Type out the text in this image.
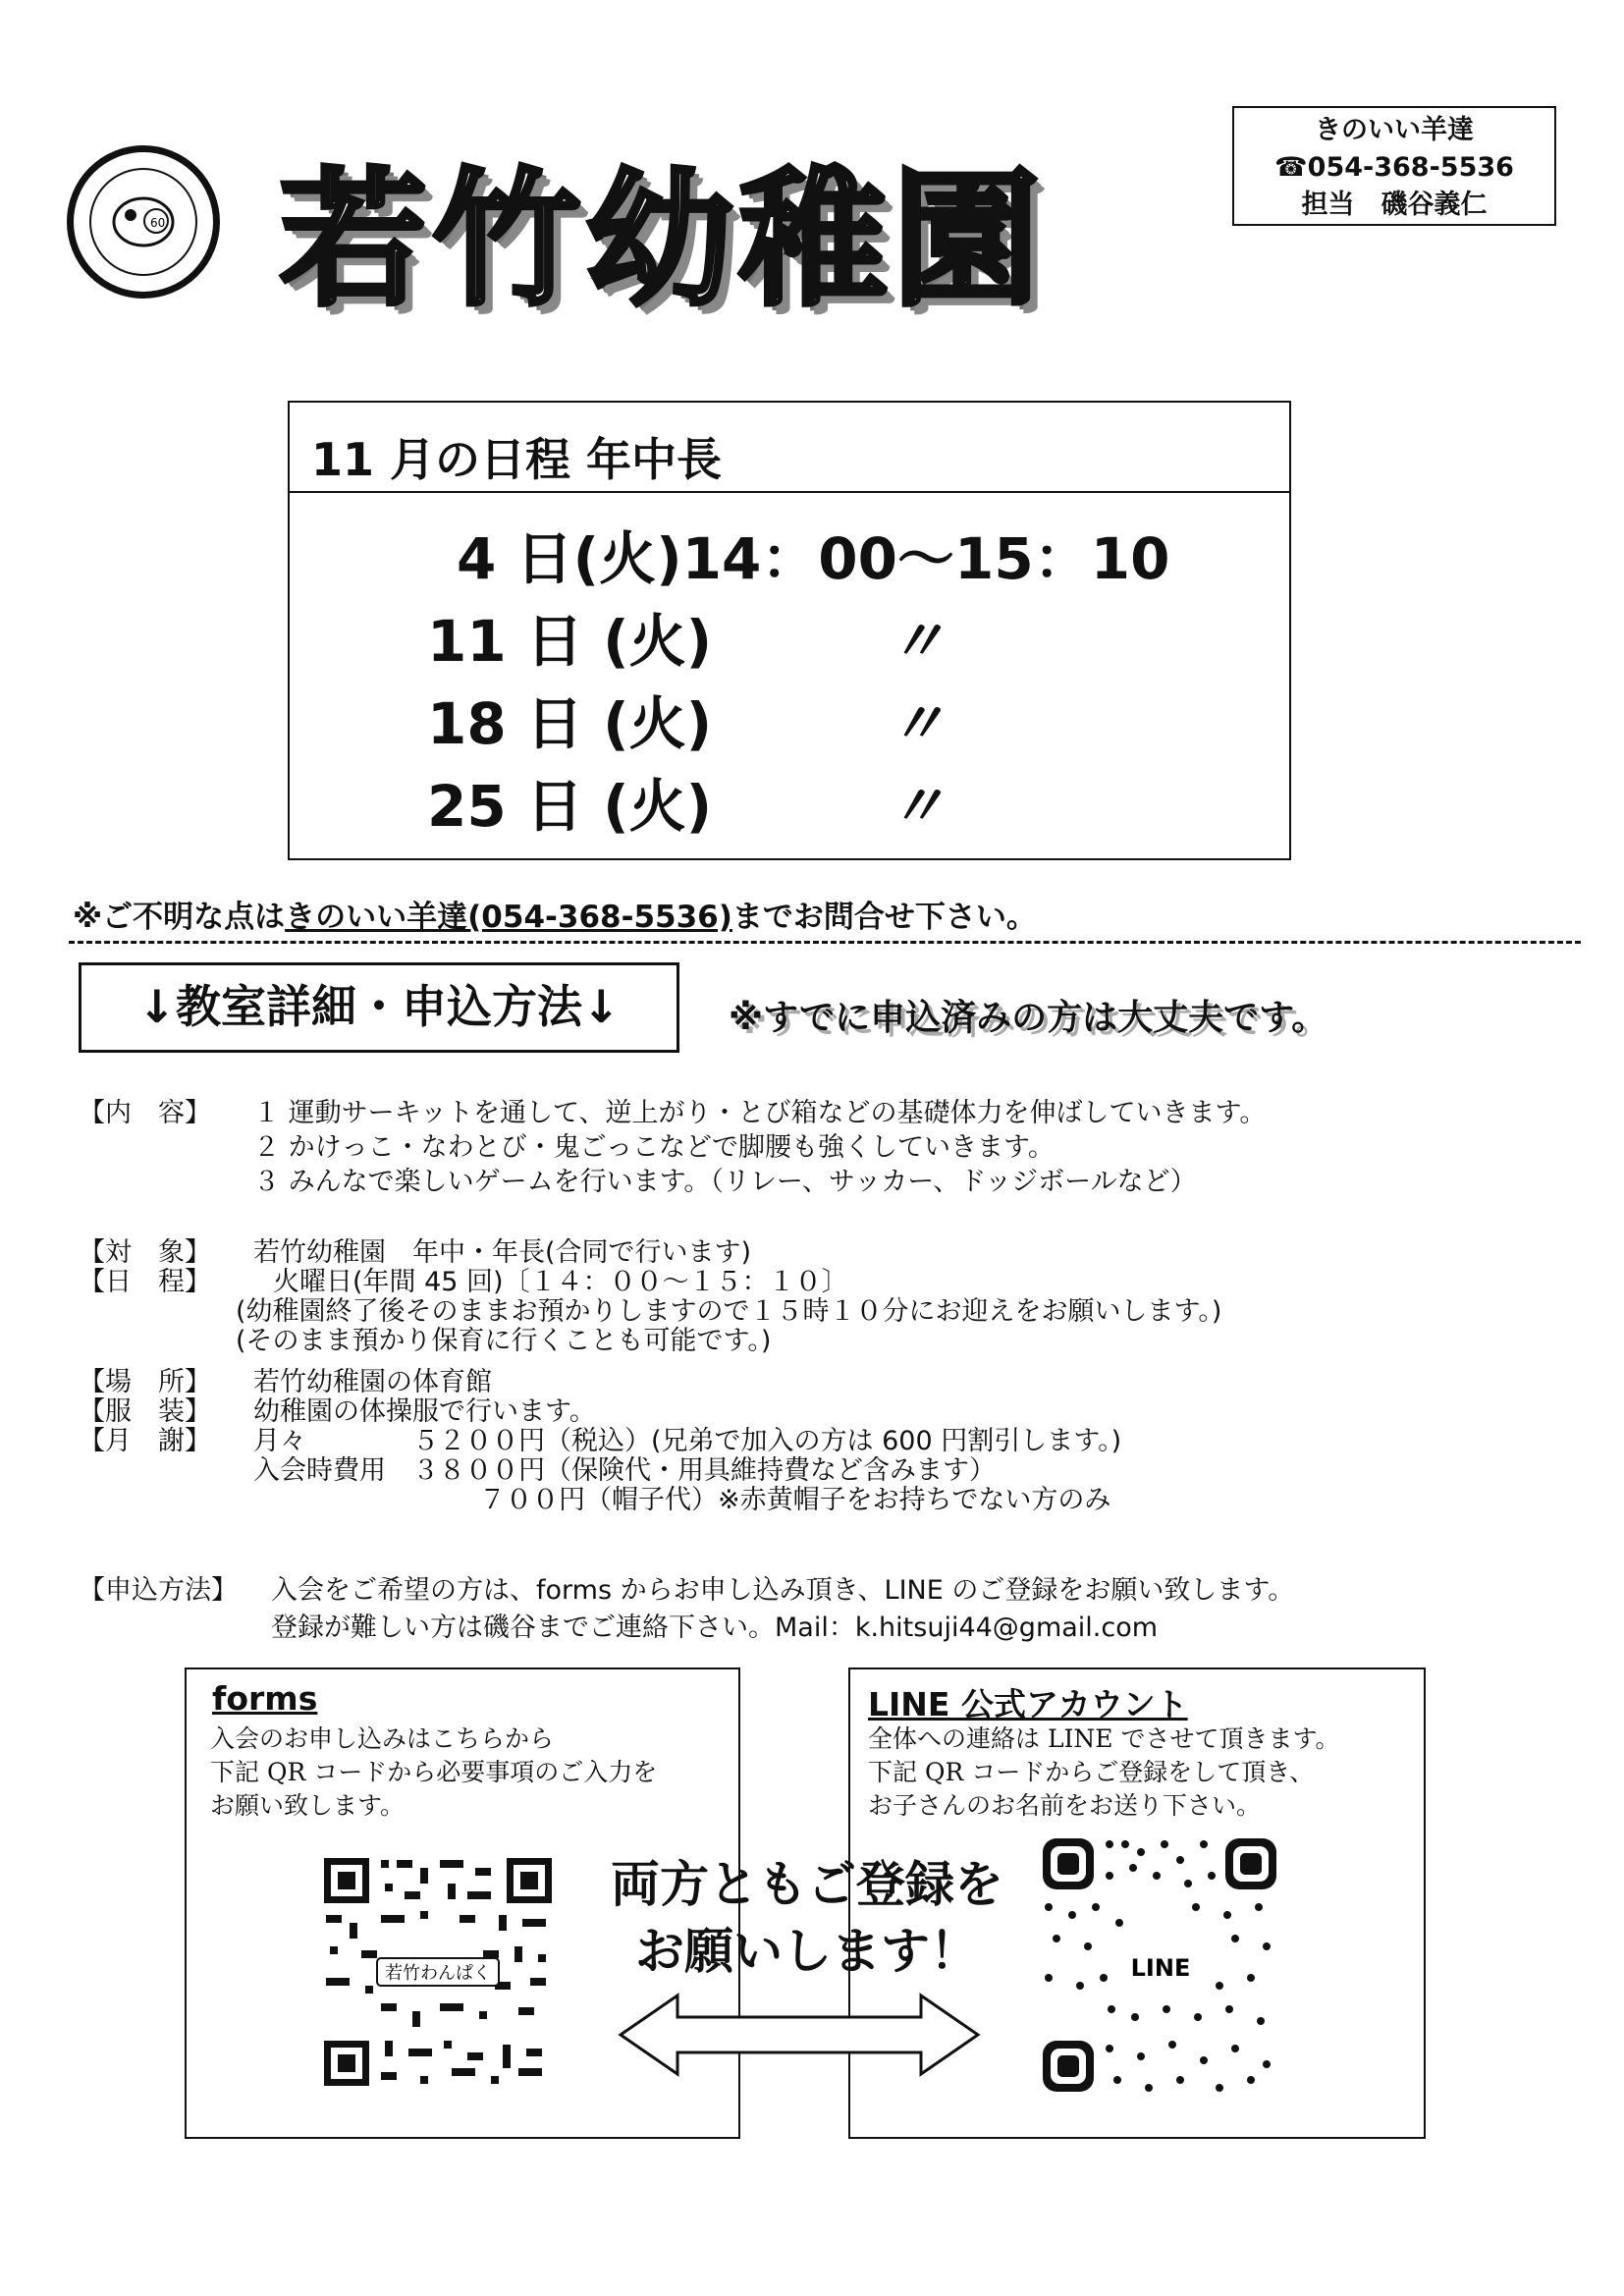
60 若竹幼稚園
きのいい羊達
☎054-368-5536
担当　磯谷義仁
11 月の日程 年中長
4 日(火)14：00〜15：10
11 日 (火)	〃
18 日 (火)	〃
25 日 (火)	〃
※ご不明な点はきのいい羊達(054-368-5536)までお問合せ下さい。
↓教室詳細・申込方法↓	※すでに申込済みの方は大丈夫です。
【内　容】 １ 運動サーキットを通して、逆上がり・とび箱などの基礎体力を伸ばしていきます。
２ かけっこ・なわとび・鬼ごっこなどで脚腰も強くしていきます。
３ みんなで楽しいゲームを行います。（リレー、サッカー、ドッジボールなど）
【対　象】 若竹幼稚園　年中・年長(合同で行います)
【日　程】 火曜日(年間 45 回)〔１４：００〜１５：１０〕
(幼稚園終了後そのままお預かりしますので１５時１０分にお迎えをお願いします。)
(そのまま預かり保育に行くことも可能です。)
【場　所】 若竹幼稚園の体育館
【服　装】 幼稚園の体操服で行います。
【月　謝】 月々　　　　５２００円（税込）(兄弟で加入の方は 600 円割引します。)
入会時費用　３８００円（保険代・用具維持費など含みます）
７００円（帽子代）※赤黄帽子をお持ちでない方のみ
【申込方法】 入会をご希望の方は、forms からお申し込み頂き、LINE のご登録をお願い致します。
登録が難しい方は磯谷までご連絡下さい。Mail：k.hitsuji44@gmail.com
forms
入会のお申し込みはこちらから
下記 QR コードから必要事項のご入力を
お願い致します。
若竹わんぱく
LINE 公式アカウント
全体への連絡は LINE でさせて頂きます。
下記 QR コードからご登録をして頂き、
お子さんのお名前をお送り下さい。
LINE
両方ともご登録を
お願いします！
